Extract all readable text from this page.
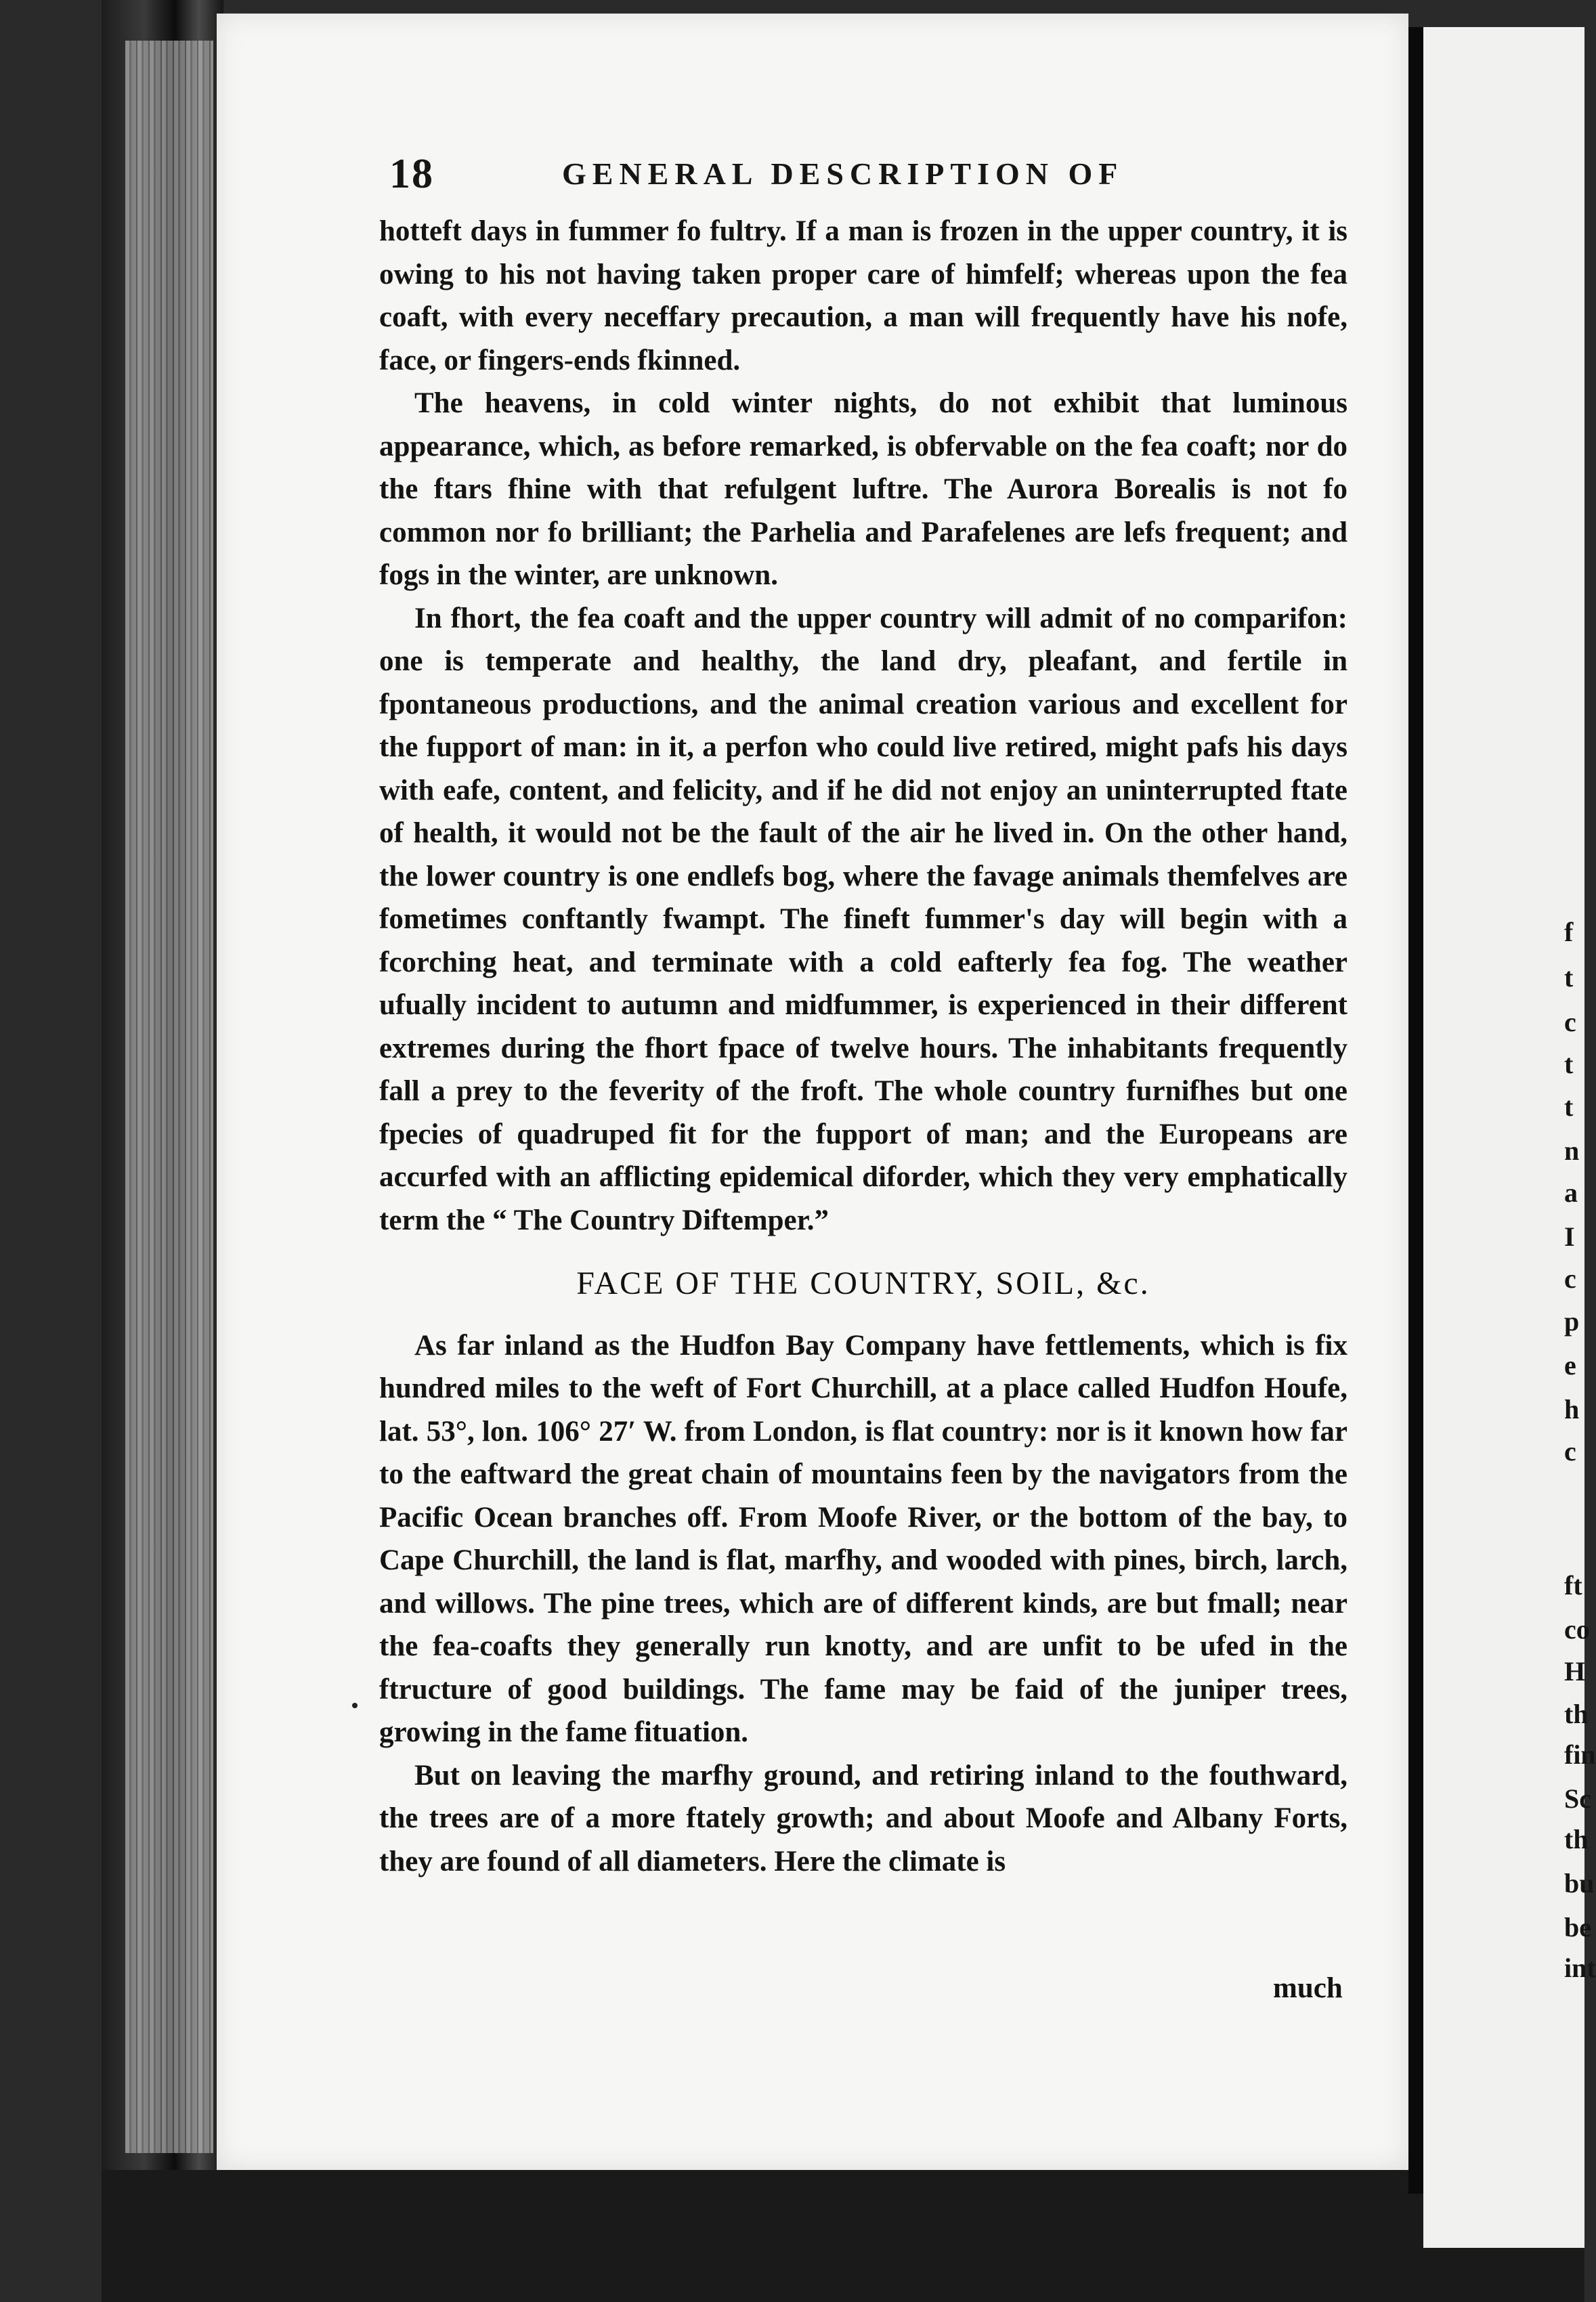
18	GENERAL DESCRIPTION OF

hotteft days in fummer fo fultry. If a man is frozen in the upper country, it is owing to his not having taken proper care of himfelf; whereas upon the fea coaft, with every neceffary precaution, a man will frequently have his nofe, face, or fingers-ends fkinned.

The heavens, in cold winter nights, do not exhibit that luminous appearance, which, as before remarked, is obfervable on the fea coaft; nor do the ftars fhine with that refulgent luftre. The Aurora Borealis is not fo common nor fo brilliant; the Parhelia and Parafelenes are lefs frequent; and fogs in the winter, are unknown.

In fhort, the fea coaft and the upper country will admit of no comparifon: one is temperate and healthy, the land dry, pleafant, and fertile in fpontaneous productions, and the animal creation various and excellent for the fupport of man: in it, a perfon who could live retired, might pafs his days with eafe, content, and felicity, and if he did not enjoy an uninterrupted ftate of health, it would not be the fault of the air he lived in. On the other hand, the lower country is one endlefs bog, where the favage animals themfelves are fometimes conftantly fwampt. The fineft fummer's day will begin with a fcorching heat, and terminate with a cold eafterly fea fog. The weather ufually incident to autumn and midfummer, is experienced in their different extremes during the fhort fpace of twelve hours. The inhabitants frequently fall a prey to the feverity of the froft. The whole country furnifhes but one fpecies of quadruped fit for the fupport of man; and the Europeans are accurfed with an afflicting epidemical diforder, which they very emphatically term the “ The Country Diftemper.”

FACE OF THE COUNTRY, SOIL, &c.

As far inland as the Hudfon Bay Company have fettlements, which is fix hundred miles to the weft of Fort Churchill, at a place called Hudfon Houfe, lat. 53°, lon. 106° 27′ W. from London, is flat country: nor is it known how far to the eaftward the great chain of mountains feen by the navigators from the Pacific Ocean branches off. From Moofe River, or the bottom of the bay, to Cape Churchill, the land is flat, marfhy, and wooded with pines, birch, larch, and willows. The pine trees, which are of different kinds, are but fmall; near the fea-coafts they generally run knotty, and are unfit to be ufed in the ftructure of good buildings. The fame may be faid of the juniper trees, growing in the fame fituation.

But on leaving the marfhy ground, and retiring inland to the fouthward, the trees are of a more ftately growth; and about Moofe and Albany Forts, they are found of all diameters. Here the climate is

much
f
t
c
t
t
n
a
I
c
p
e
h
c
ft
co
H
th
fin
Sc
th
bu
be
int
